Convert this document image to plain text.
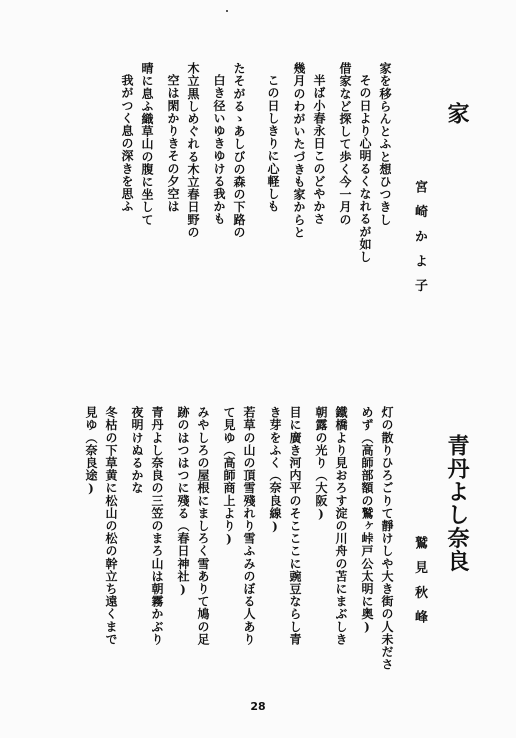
家
宮崎かよ子
家を移らんとふと想ひつきし
その日より心明るくなれるが如し
借家など探して歩く今一月の
半ば小春永日このどやかさ
幾月のわがいたづきも家からと
この日しきりに心軽しも
たそがるゝあしびの森の下路の
白き径いゆきゆける我かも
木立黒しめぐれる木立春日野の
空は閑かりきその夕空は
晴に息ふ織草山の腹に坐して
我がつく息の深きを思ふ
青丹よし奈良
鷲見秋峰
灯の散りひろごりて靜けしや大き街の人未ださ
めず（高師部額の鷲ヶ峠戸公太明に奥)
鐵橋より見おろす淀の川舟の苫にまぶしき
朝露の光り（大阪)
目に廣き河内平のそこここに豌豆ならし青
き芽をふく（奈良線)
若草の山の頂雪殘れり雪ふみのぼる人あり
て見ゆ（高師商上より)
みやしろの屋根にましろく雪ありて鳩の足
跡のはつはつに殘る（春日神社)
青丹よし奈良の三笠のまろ山は朝霧かぶり
夜明けぬるかな
冬枯の下草黄に松山の松の幹立ち遠くまで
見ゆ（奈良途)
28
